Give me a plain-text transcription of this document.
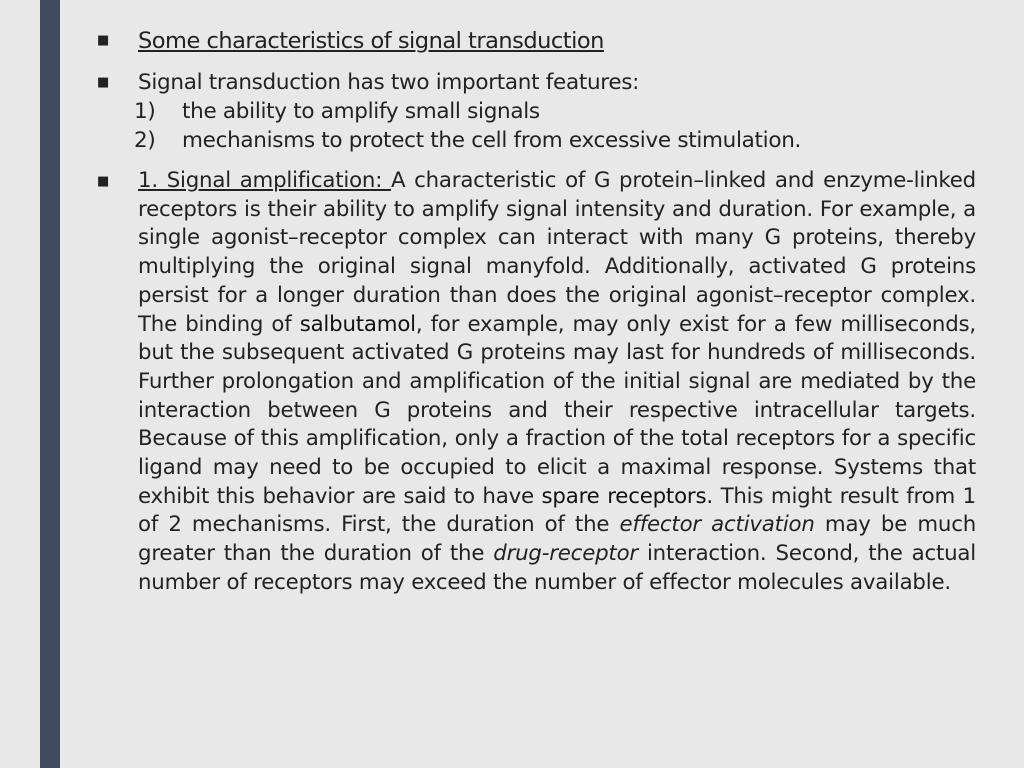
■	Some characteristics of signal transduction
■	Signal transduction has two important features:
1)	the ability to amplify small signals
2)	mechanisms to protect the cell from excessive stimulation.
■	1. Signal amplification: A characteristic of G protein–linked and enzyme-linked receptors is their ability to amplify signal intensity and duration. For example, a single agonist–receptor complex can interact with many G proteins, thereby multiplying the original signal manyfold. Additionally, activated G proteins persist for a longer duration than does the original agonist–receptor complex. The binding of salbutamol, for example, may only exist for a few milliseconds, but the subsequent activated G proteins may last for hundreds of milliseconds. Further prolongation and amplification of the initial signal are mediated by the interaction between G proteins and their respective intracellular targets. Because of this amplification, only a fraction of the total receptors for a specific ligand may need to be occupied to elicit a maximal response. Systems that exhibit this behavior are said to have spare receptors. This might result from 1 of 2 mechanisms. First, the duration of the effector activation may be much greater than the duration of the drug-receptor interaction. Second, the actual number of receptors may exceed the number of effector molecules available.
